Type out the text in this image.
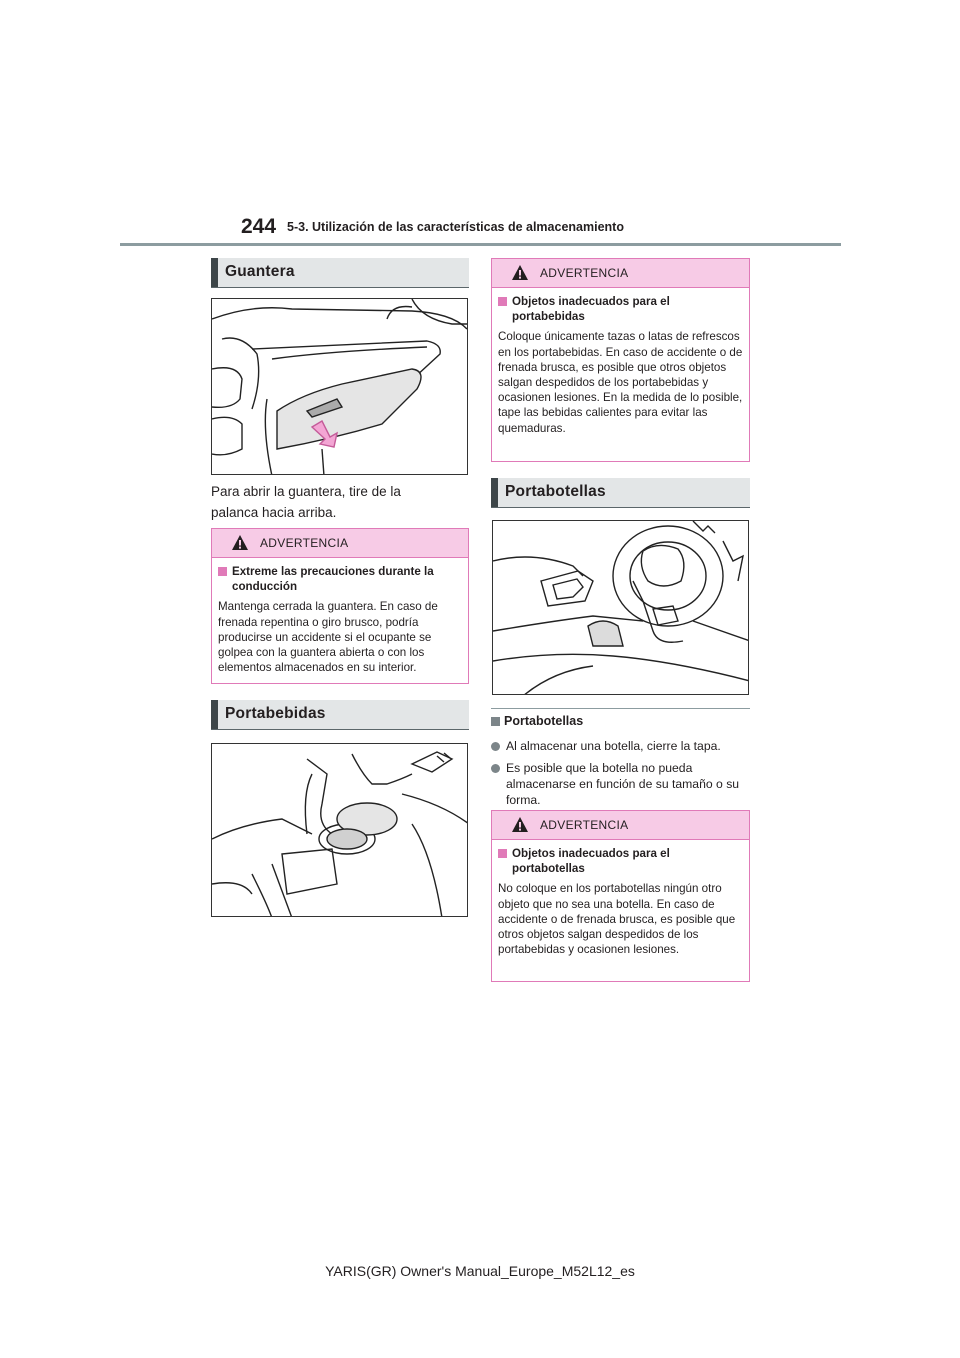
244 5-3. Utilización de las características de almacenamiento
Guantera
Para abrir la guantera, tire de la
palanca hacia arriba.
ADVERTENCIA
Extreme las precauciones durante la conducción
Mantenga cerrada la guantera. En caso de frenada repentina o giro brusco, podría producirse un accidente si el ocupante se golpea con la guantera abierta o con los elementos almacenados en su interior.
Portabebidas
ADVERTENCIA
Objetos inadecuados para el portabebidas
Coloque únicamente tazas o latas de refrescos en los portabebidas. En caso de accidente o de frenada brusca, es posible que otros objetos salgan despedidos de los portabebidas y ocasionen lesiones. En la medida de lo posible, tape las bebidas calientes para evitar las quemaduras.
Portabotellas
Portabotellas
Al almacenar una botella, cierre la tapa.
Es posible que la botella no pueda almacenarse en función de su tamaño o su forma.
ADVERTENCIA
Objetos inadecuados para el portabotellas
No coloque en los portabotellas ningún otro objeto que no sea una botella. En caso de accidente o de frenada brusca, es posible que otros objetos salgan despedidos de los portabebidas y ocasionen lesiones.
YARIS(GR) Owner's Manual_Europe_M52L12_es
